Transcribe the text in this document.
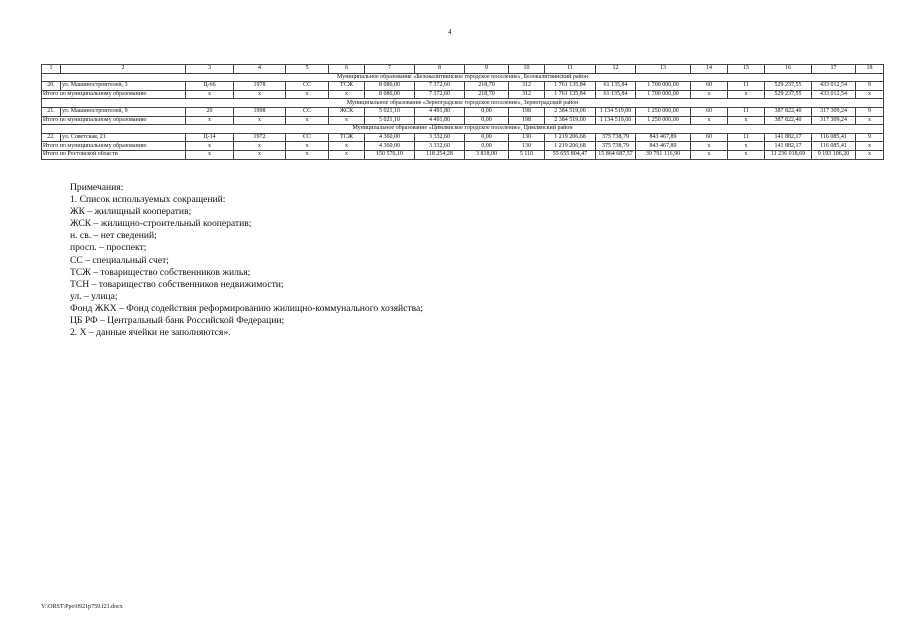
4
1	2	3	4	5	6	7	8	9	10	11	12	13	14	15	16	17	18
Муниципальное образование «Белокалитвинское городское поселение», Белокалитвинский район																	
20.	ул. Машиностроителей, 3	Ц-66	1978	СС	ТСЖ	8 086,00	7 372,60	218,70	312	1 761 135,84	61 135,84	1 700 000,00	60	11	529 237,55	433 012,54	9
Итого по муниципальному образованию		х	х	х	х	8 086,00	7 372,60	218,70	312	1 761 135,84	61 135,84	1 700 000,00	х	х	529 237,55	433 012,54	х
Муниципальное образование «Зерноградское городское поселение», Зерноградский район																	
21.	ул. Машиностроителей, 9	20	1998	СС	ЖСК	5 021,10	4 491,80	0,00	198	2 384 519,00	1 134 519,00	1 250 000,00	60	11	387 822,40	317 309,24	9
Итого по муниципальному образованию		х	х	х	х	5 021,10	4 491,80	0,00	198	2 384 519,00	1 134 519,00	1 250 000,00	х	х	387 822,40	317 309,24	х
Муниципальное образование «Цимлянское городское поселение», Цимлянский район																	
22.	ул. Советская, 21	Ц-14	1972	СС	ТСЖ	4 360,00	3 332,60	0,00	130	1 219 206,68	375 738,79	843 467,89	60	11	141 882,17	116 085,41	9
Итого по муниципальному образованию		х	х	х	х	4 360,00	3 332,60	0,00	130	1 219 206,68	375 738,79	843 467,89	х	х	141 882,17	116 085,41	х
Итого по Ростовской области		х	х	х	х	150 576,10	118 254,28	3 818,00	5 110	55 655 804,47	15 864 687,57	39 791 116,90	х	х	11 236 018,69	9 193 106,20	х
Примечания:
1. Список используемых сокращений:
ЖК – жилищный кооператив;
ЖСК – жилищно-строительный кооператив;
н. св. – нет сведений;
просп. – проспект;
СС – специальный счет;
ТСЖ – товарищество собственников жилья;
ТСН – товарищество собственников недвижимости;
ул. – улица;
Фонд ЖКХ – Фонд содействия реформированию жилищно-коммунального хозяйства;
ЦБ РФ – Центральный банк Российской Федерации;
2. Х – данные ячейки не заполняются».
Y:\ORST\Ppo\0921p759.f21.docx
